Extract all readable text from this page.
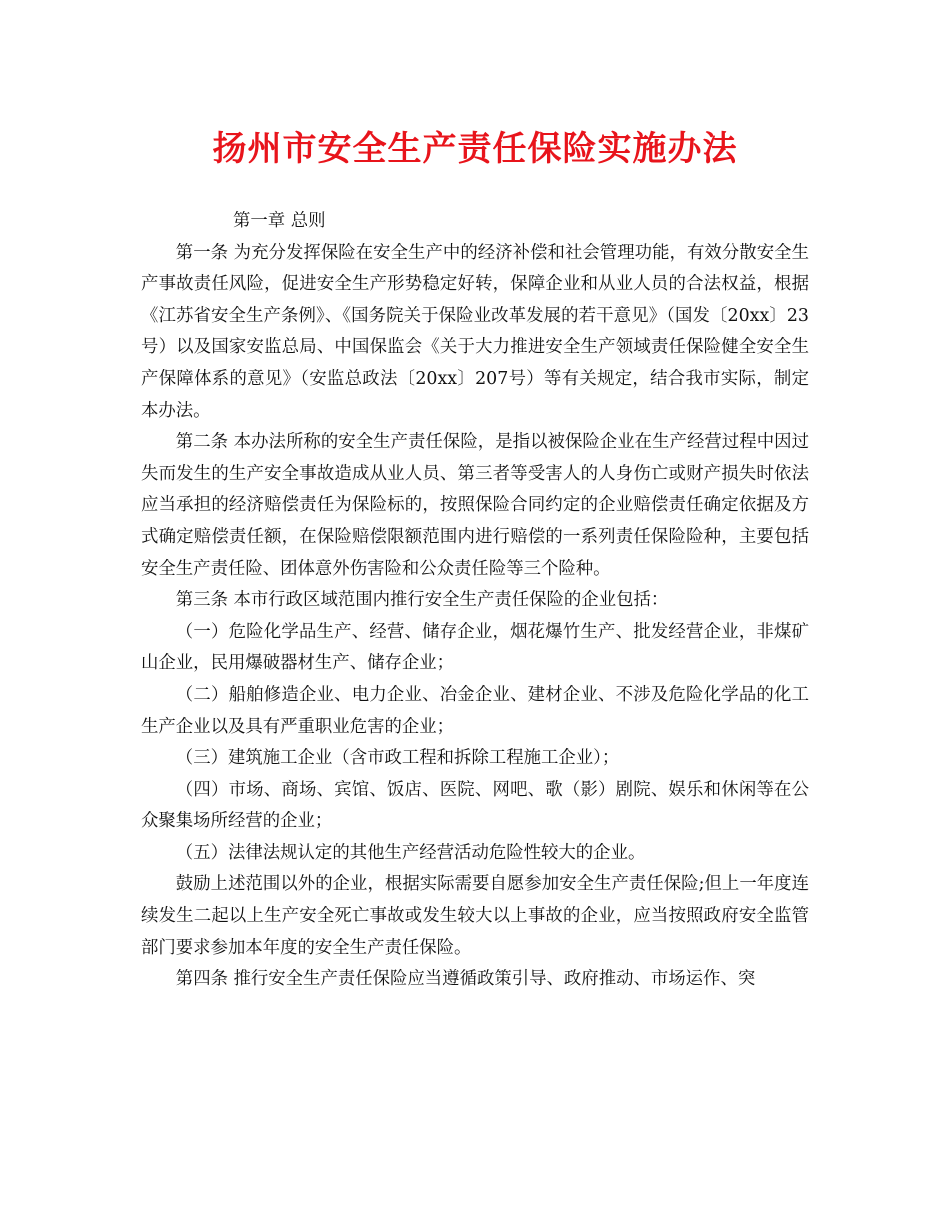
扬州市安全生产责任保险实施办法

第一章 总则

第一条 为充分发挥保险在安全生产中的经济补偿和社会管理功能，有效分散安全生产事故责任风险，促进安全生产形势稳定好转，保障企业和从业人员的合法权益，根据《江苏省安全生产条例》、《国务院关于保险业改革发展的若干意见》（国发〔20xx〕23号）以及国家安监总局、中国保监会《关于大力推进安全生产领域责任保险健全安全生产保障体系的意见》（安监总政法〔20xx〕207号）等有关规定，结合我市实际，制定本办法。

第二条 本办法所称的安全生产责任保险，是指以被保险企业在生产经营过程中因过失而发生的生产安全事故造成从业人员、第三者等受害人的人身伤亡或财产损失时依法应当承担的经济赔偿责任为保险标的，按照保险合同约定的企业赔偿责任确定依据及方式确定赔偿责任额，在保险赔偿限额范围内进行赔偿的一系列责任保险险种，主要包括安全生产责任险、团体意外伤害险和公众责任险等三个险种。

第三条 本市行政区域范围内推行安全生产责任保险的企业包括：

（一）危险化学品生产、经营、储存企业，烟花爆竹生产、批发经营企业，非煤矿山企业，民用爆破器材生产、储存企业；

（二）船舶修造企业、电力企业、冶金企业、建材企业、不涉及危险化学品的化工生产企业以及具有严重职业危害的企业；

（三）建筑施工企业（含市政工程和拆除工程施工企业）；

（四）市场、商场、宾馆、饭店、医院、网吧、歌（影）剧院、娱乐和休闲等在公众聚集场所经营的企业；

（五）法律法规认定的其他生产经营活动危险性较大的企业。

鼓励上述范围以外的企业，根据实际需要自愿参加安全生产责任保险;但上一年度连续发生二起以上生产安全死亡事故或发生较大以上事故的企业，应当按照政府安全监管部门要求参加本年度的安全生产责任保险。

第四条 推行安全生产责任保险应当遵循政策引导、政府推动、市场运作、突
